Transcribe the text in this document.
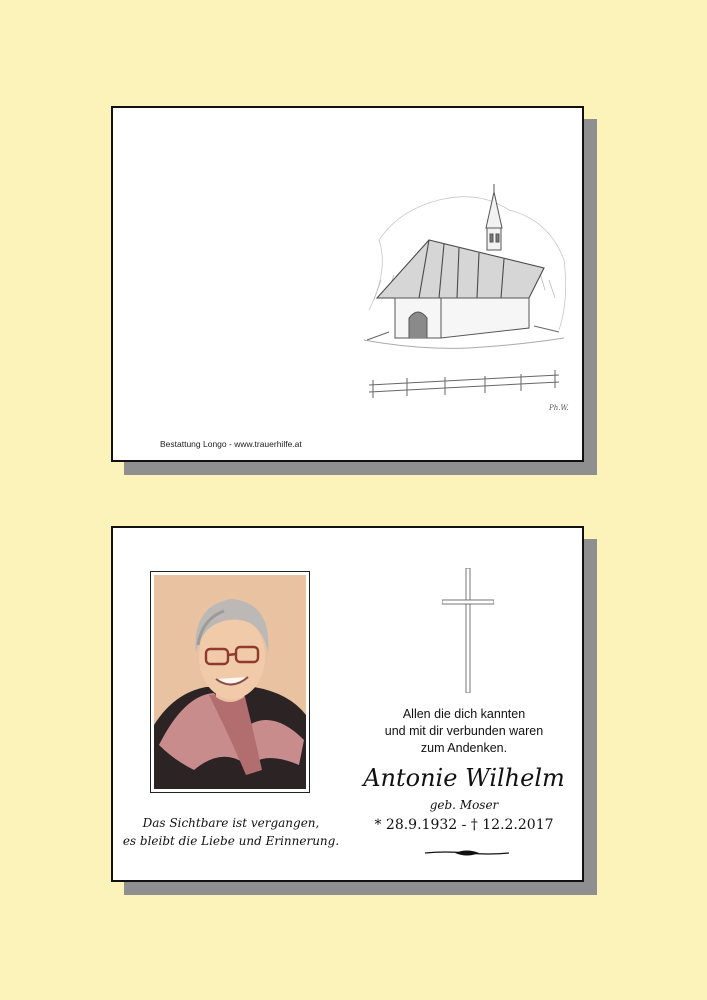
Ph.W.
Bestattung Longo - www.trauerhilfe.at
Das Sichtbare ist vergangen,
es bleibt die Liebe und Erinnerung.
Allen die dich kannten
und mit dir verbunden waren
zum Andenken.
Antonie Wilhelm
geb. Moser
* 28.9.1932 - † 12.2.2017
